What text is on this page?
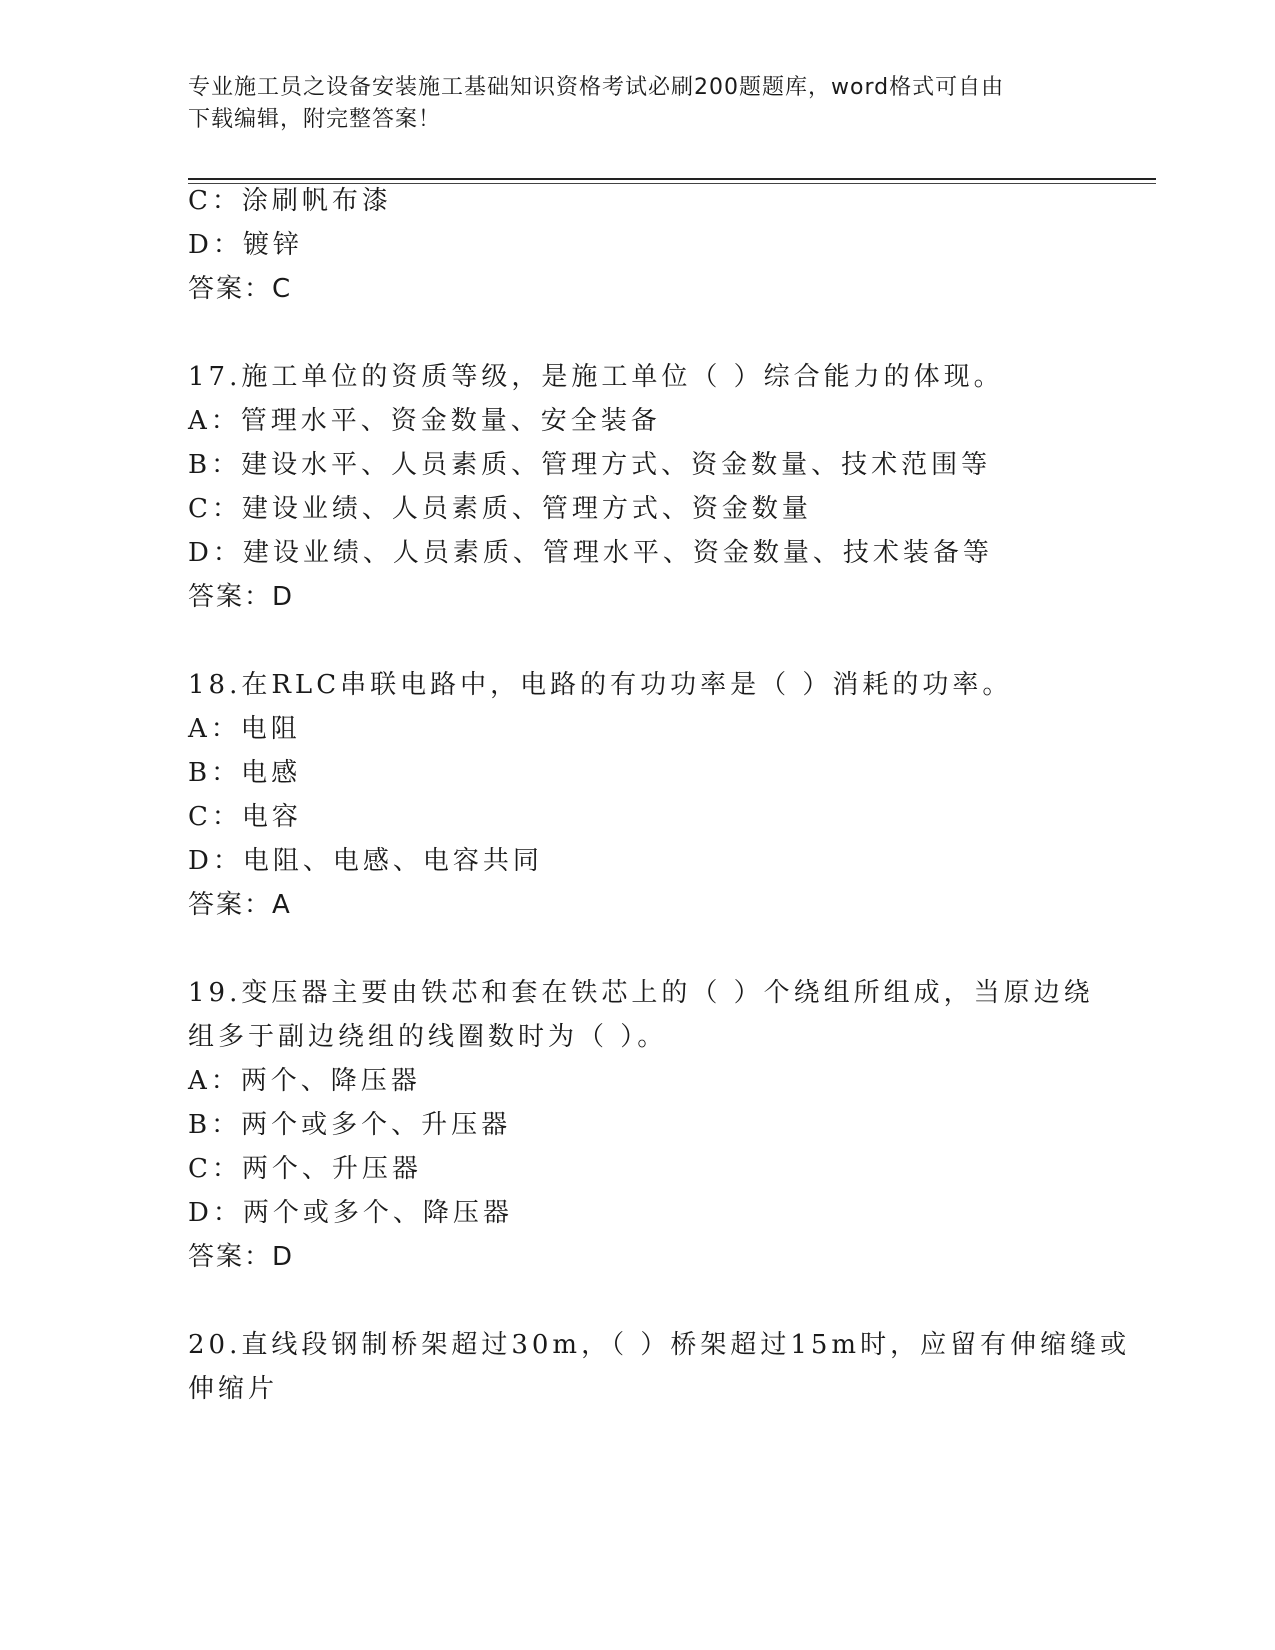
专业施工员之设备安装施工基础知识资格考试必刷200题题库，word格式可自由
下载编辑，附完整答案！
C：涂刷帆布漆
D：镀锌
答案：C
17.施工单位的资质等级，是施工单位（ ）综合能力的体现。
A：管理水平、资金数量、安全装备
B：建设水平、人员素质、管理方式、资金数量、技术范围等
C：建设业绩、人员素质、管理方式、资金数量
D：建设业绩、人员素质、管理水平、资金数量、技术装备等
答案：D
18.在RLC串联电路中，电路的有功功率是（ ）消耗的功率。
A：电阻
B：电感
C：电容
D：电阻、电感、电容共同
答案：A
19.变压器主要由铁芯和套在铁芯上的（ ）个绕组所组成，当原边绕
组多于副边绕组的线圈数时为（ ）。
A：两个、降压器
B：两个或多个、升压器
C：两个、升压器
D：两个或多个、降压器
答案：D
20.直线段钢制桥架超过30m，（ ）桥架超过15m时，应留有伸缩缝或
伸缩片
